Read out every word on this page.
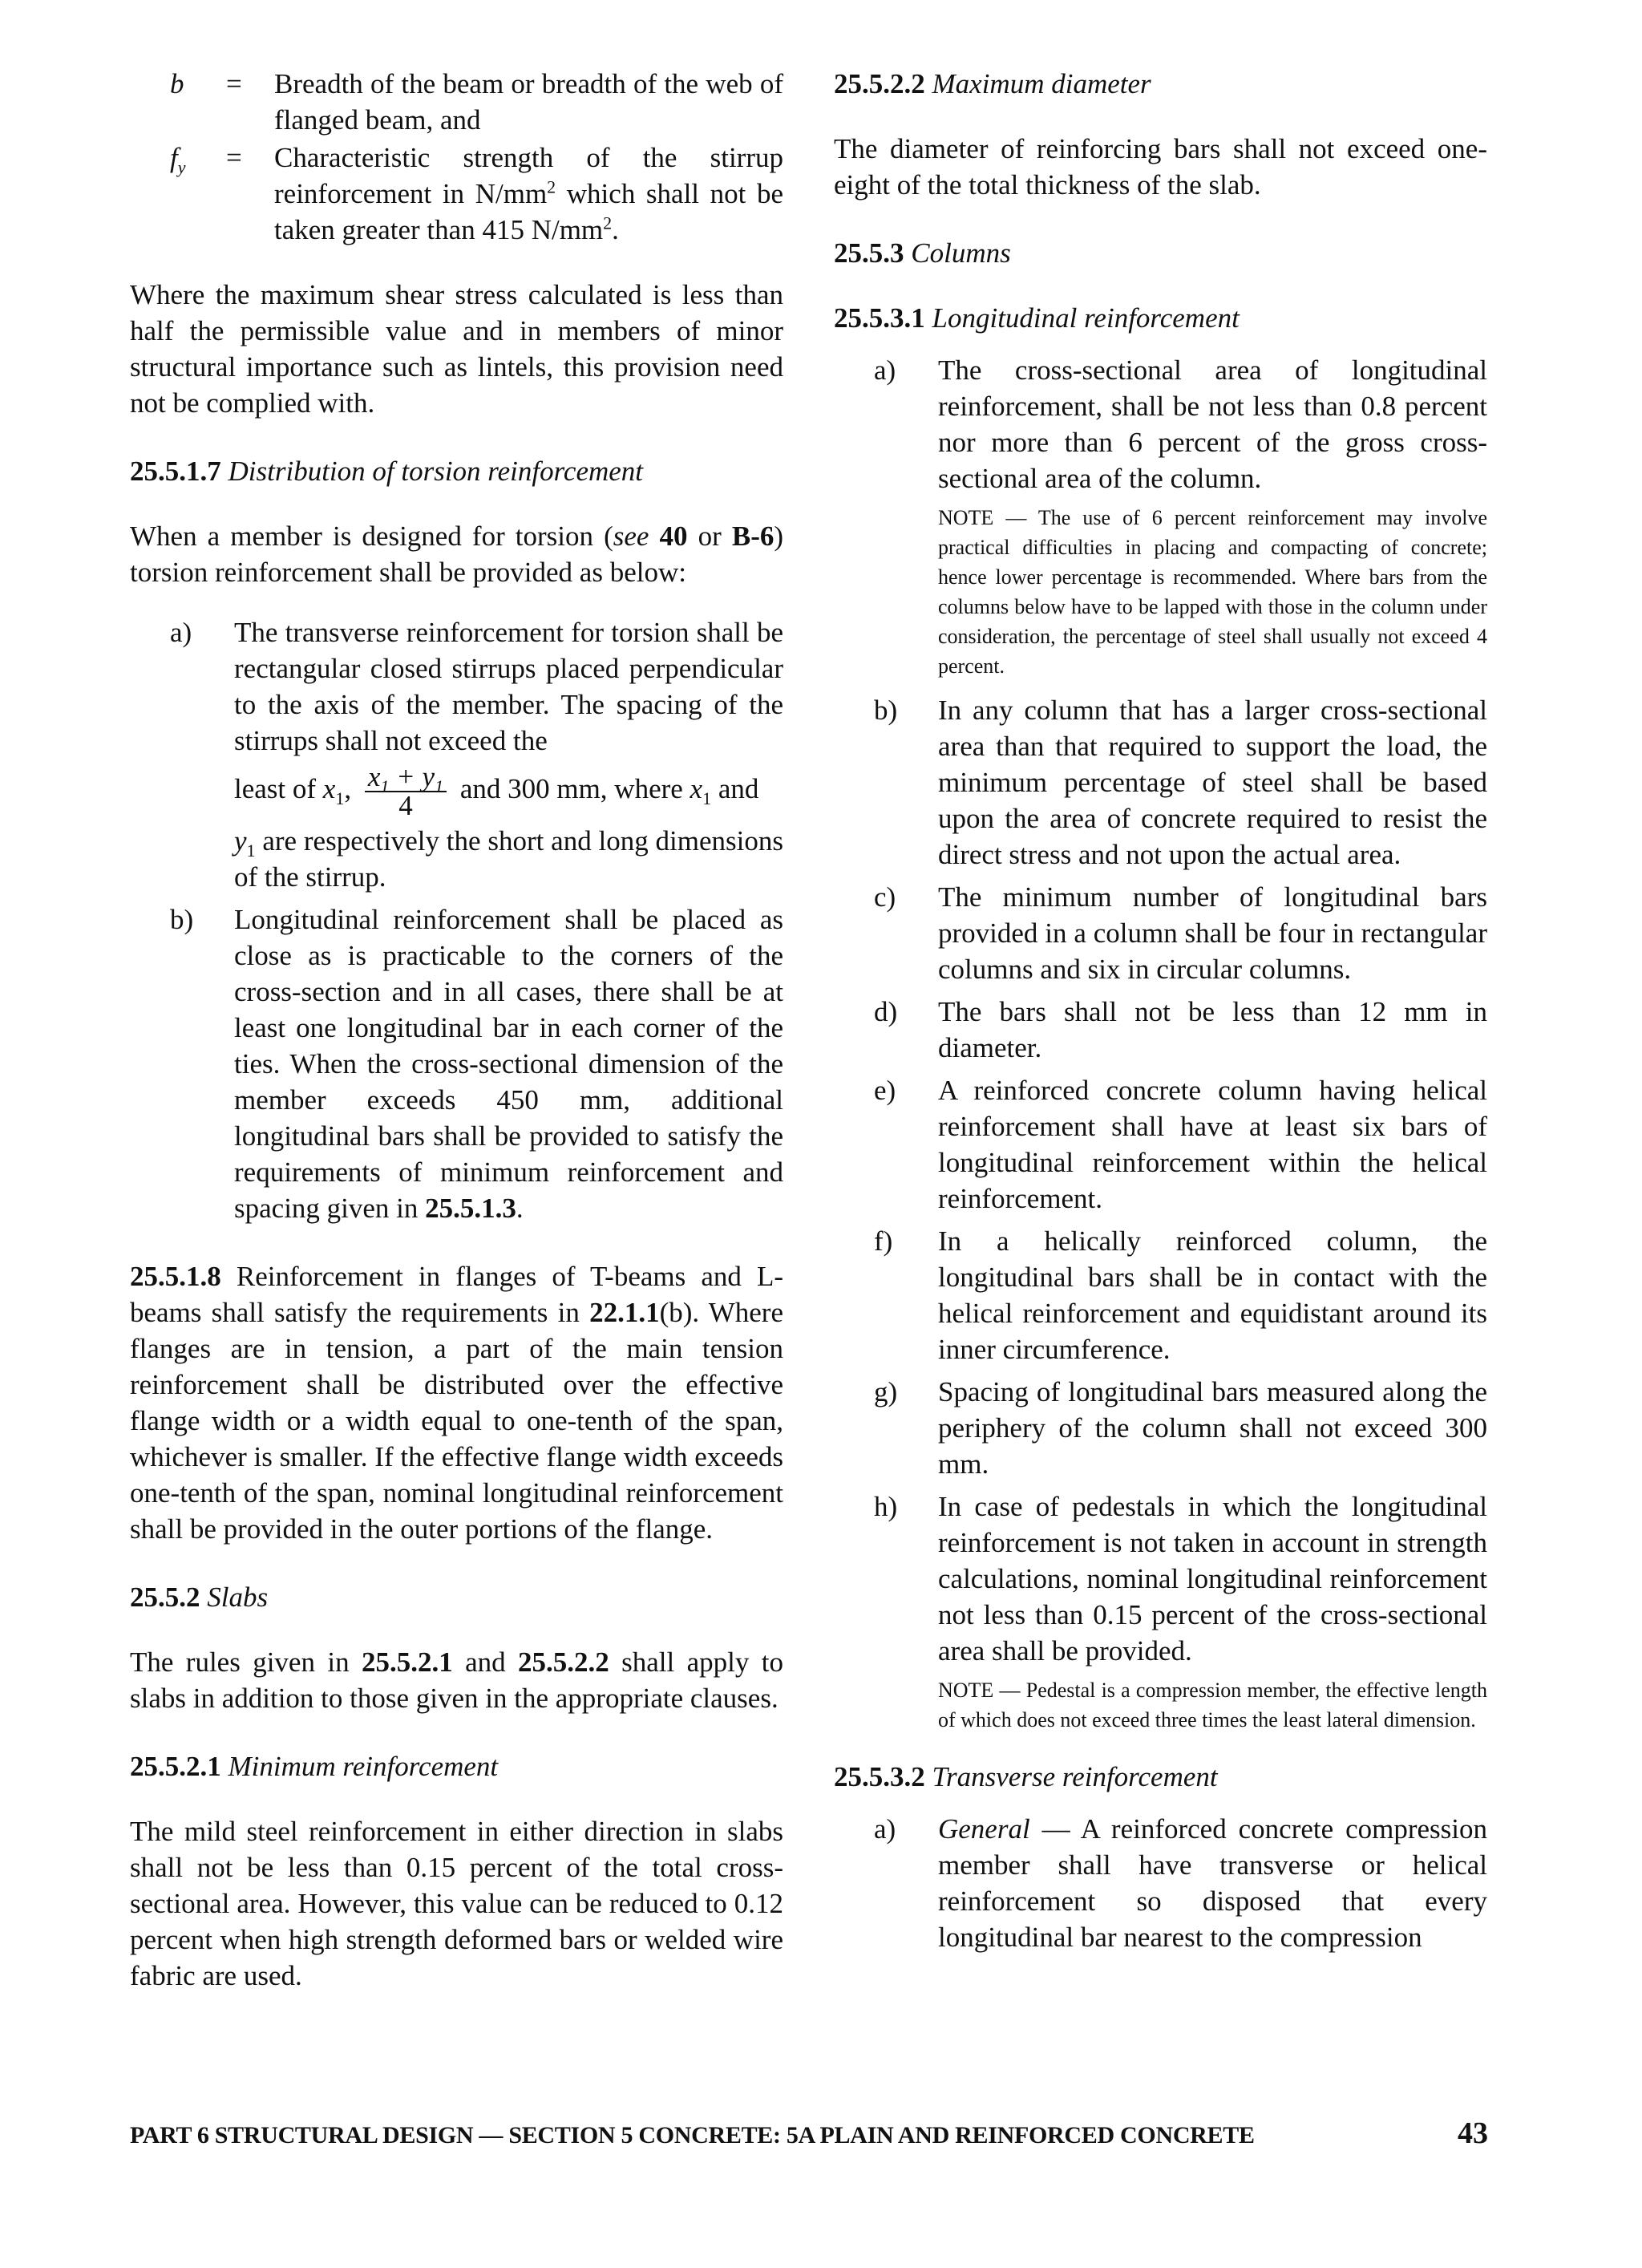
b	=	Breadth of the beam or breadth of the web of flanged beam, and
$f_y$	=	Characteristic strength of the stirrup reinforcement in $N/mm^2$ which shall not be taken greater than 415 $N/mm^2$.

Where the maximum shear stress calculated is less than half the permissible value and in members of minor structural importance such as lintels, this provision need not be complied with.

25.5.1.7 Distribution of torsion reinforcement

When a member is designed for torsion (see 40 or B-6) torsion reinforcement shall be provided as below:

a)	The transverse reinforcement for torsion shall be rectangular closed stirrups placed perpendicular to the axis of the member. The spacing of the stirrups shall not exceed the
least of $x_1$, $\frac{x_1 + y_1}{4}$ and 300 mm, where $x_1$ and
$y_1$ are respectively the short and long dimensions of the stirrup.
b)	Longitudinal reinforcement shall be placed as close as is practicable to the corners of the cross-section and in all cases, there shall be at least one longitudinal bar in each corner of the ties. When the cross-sectional dimension of the member exceeds 450 mm, additional longitudinal bars shall be provided to satisfy the requirements of minimum reinforcement and spacing given in 25.5.1.3.

25.5.1.8 Reinforcement in flanges of T-beams and L-beams shall satisfy the requirements in 22.1.1(b). Where flanges are in tension, a part of the main tension reinforcement shall be distributed over the effective flange width or a width equal to one-tenth of the span, whichever is smaller. If the effective flange width exceeds one-tenth of the span, nominal longitudinal reinforcement shall be provided in the outer portions of the flange.

25.5.2 Slabs

The rules given in 25.5.2.1 and 25.5.2.2 shall apply to slabs in addition to those given in the appropriate clauses.

25.5.2.1 Minimum reinforcement

The mild steel reinforcement in either direction in slabs shall not be less than 0.15 percent of the total cross-sectional area. However, this value can be reduced to 0.12 percent when high strength deformed bars or welded wire fabric are used.

25.5.2.2 Maximum diameter

The diameter of reinforcing bars shall not exceed one-eight of the total thickness of the slab.

25.5.3 Columns

25.5.3.1 Longitudinal reinforcement

a)	The cross-sectional area of longitudinal reinforcement, shall be not less than 0.8 percent nor more than 6 percent of the gross cross-sectional area of the column.

NOTE — The use of 6 percent reinforcement may involve practical difficulties in placing and compacting of concrete; hence lower percentage is recommended. Where bars from the columns below have to be lapped with those in the column under consideration, the percentage of steel shall usually not exceed 4 percent.

b)	In any column that has a larger cross-sectional area than that required to support the load, the minimum percentage of steel shall be based upon the area of concrete required to resist the direct stress and not upon the actual area.
c)	The minimum number of longitudinal bars provided in a column shall be four in rectangular columns and six in circular columns.
d)	The bars shall not be less than 12 mm in diameter.
e)	A reinforced concrete column having helical reinforcement shall have at least six bars of longitudinal reinforcement within the helical reinforcement.
f)	In a helically reinforced column, the longitudinal bars shall be in contact with the helical reinforcement and equidistant around its inner circumference.
g)	Spacing of longitudinal bars measured along the periphery of the column shall not exceed 300 mm.
h)	In case of pedestals in which the longitudinal reinforcement is not taken in account in strength calculations, nominal longitudinal reinforcement not less than 0.15 percent of the cross-sectional area shall be provided.

NOTE — Pedestal is a compression member, the effective length of which does not exceed three times the least lateral dimension.

25.5.3.2 Transverse reinforcement

a)	General — A reinforced concrete compression member shall have transverse or helical reinforcement so disposed that every longitudinal bar nearest to the compression
PART 6 STRUCTURAL DESIGN — SECTION 5 CONCRETE: 5A PLAIN AND REINFORCED CONCRETE	43
